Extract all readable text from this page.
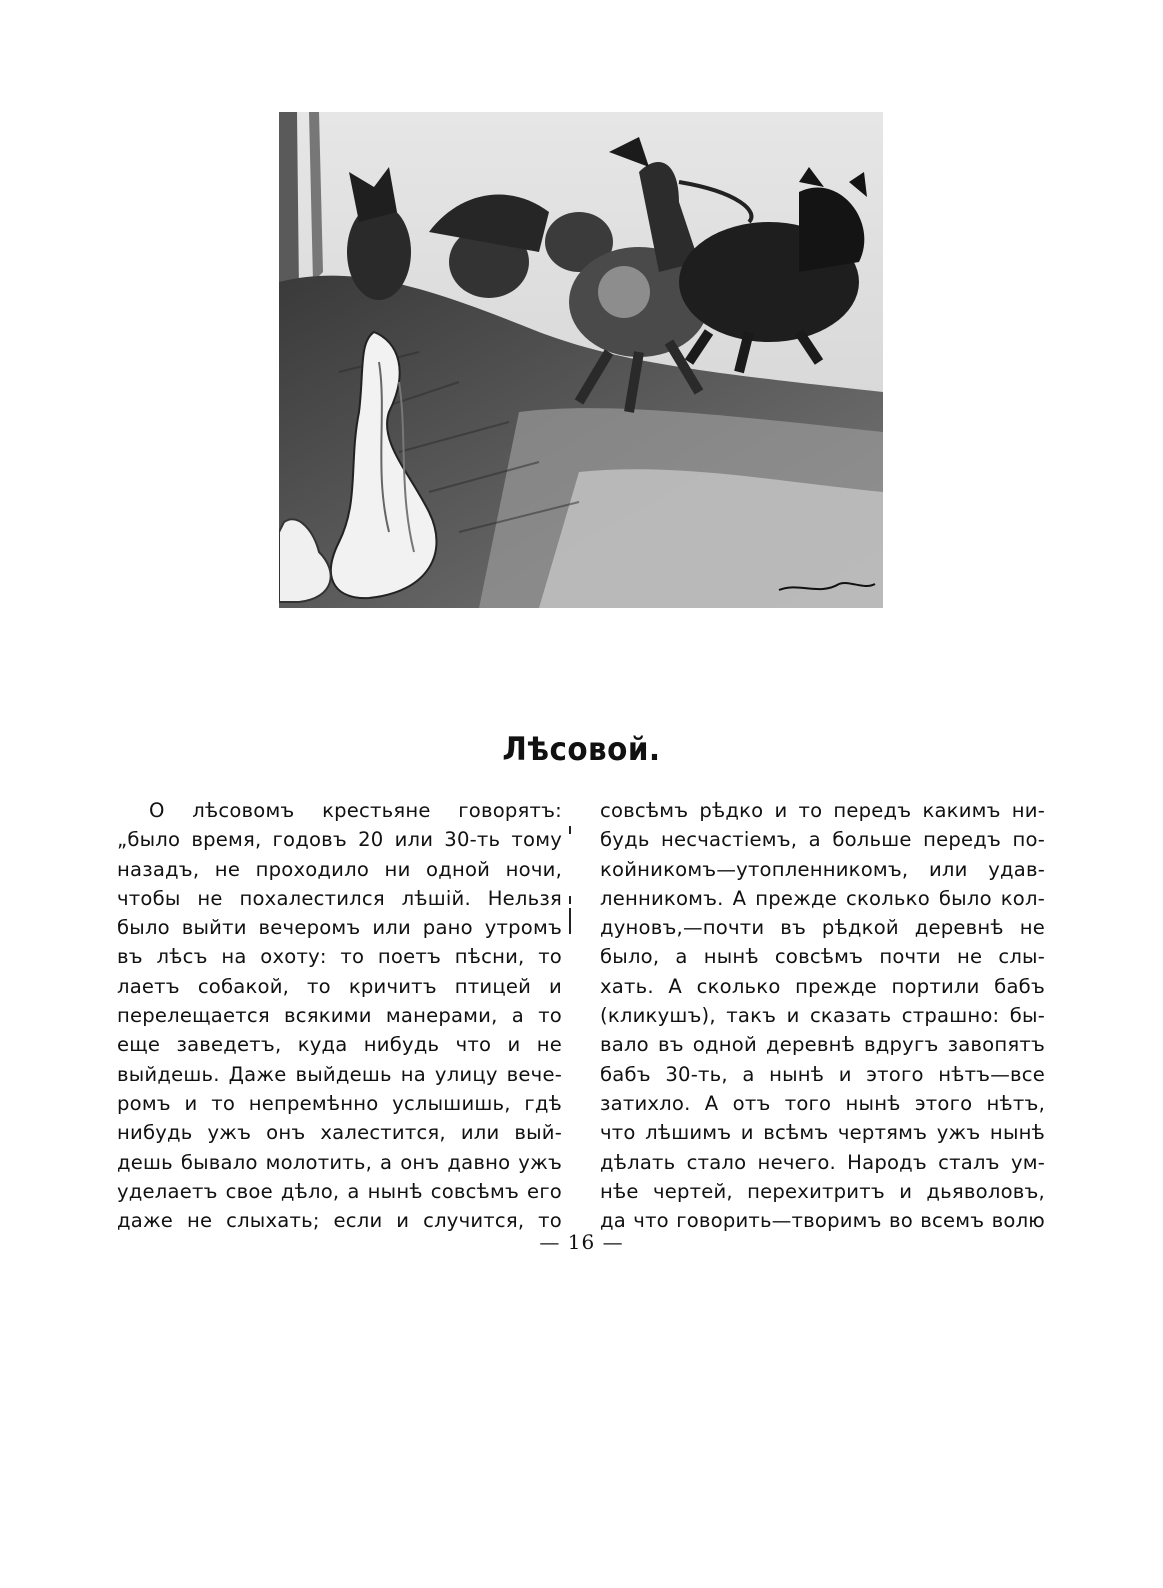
Лѣсовой.
О лѣсовомъ крестьяне говорятъ:
„было время, годовъ 20 или 30-ть тому
назадъ, не проходило ни одной ночи,
чтобы не похалестился лѣшій. Нельзя
было выйти вечеромъ или рано утромъ
въ лѣсъ на охоту: то поетъ пѣсни, то
лаетъ собакой, то кричитъ птицей и
перелещается всякими манерами, а то
еще заведетъ, куда нибудь что и не
выйдешь. Даже выйдешь на улицу вече-
ромъ и то непремѣнно услышишь, гдѣ
нибудь ужъ онъ халестится, или вый-
дешь бывало молотить, а онъ давно ужъ
уделаетъ свое дѣло, а нынѣ совсѣмъ его
даже не слыхать; если и случится, то
совсѣмъ рѣдко и то передъ какимъ ни-
будь несчастіемъ, а больше передъ по-
койникомъ—утопленникомъ, или удав-
ленникомъ. А прежде сколько было кол-
дуновъ,—почти въ рѣдкой деревнѣ не
было, а нынѣ совсѣмъ почти не слы-
хать. А сколько прежде портили бабъ
(кликушъ), такъ и сказать страшно: бы-
вало въ одной деревнѣ вдругъ завопятъ
бабъ 30-ть, а нынѣ и этого нѣтъ—все
затихло. А отъ того нынѣ этого нѣтъ,
что лѣшимъ и всѣмъ чертямъ ужъ нынѣ
дѣлать стало нечего. Народъ сталъ ум-
нѣе чертей, перехитритъ и дьяволовъ,
да что говорить—творимъ во всемъ волю
— 16 —
